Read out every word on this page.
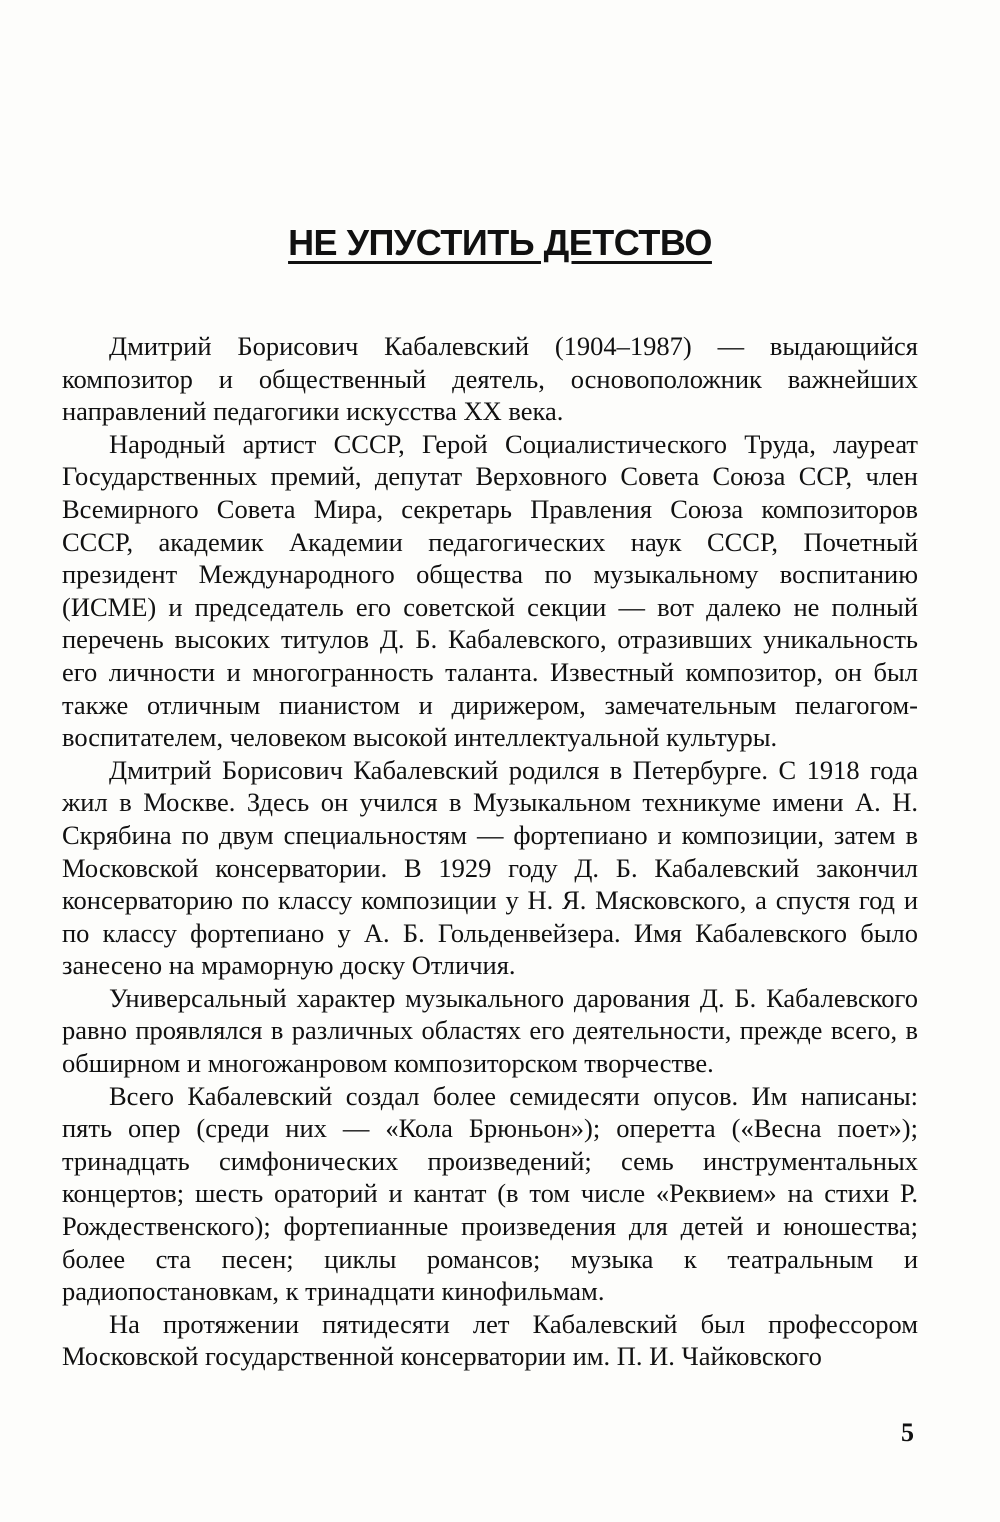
НЕ УПУСТИТЬ ДЕТСТВО

Дмитрий Борисович Кабалевский (1904–1987) — выдающийся композитор и общественный деятель, основоположник важнейших направлений педагогики искусства XX века.

Народный артист СССР, Герой Социалистического Труда, лауреат Государственных премий, депутат Верховного Совета Союза ССР, член Всемирного Совета Мира, секретарь Правления Союза композиторов СССР, академик Академии педагогических наук СССР, Почетный президент Международного общества по музыкальному воспитанию (ИСМЕ) и председатель его советской секции — вот далеко не полный перечень высоких титулов Д. Б. Кабалевского, отразивших уникальность его личности и многогранность таланта. Известный композитор, он был также отличным пианистом и дирижером, замечательным пелагогом-воспитателем, человеком высокой интеллектуальной культуры.

Дмитрий Борисович Кабалевский родился в Петербурге. С 1918 года жил в Москве. Здесь он учился в Музыкальном техникуме имени А. Н. Скрябина по двум специальностям — фортепиано и композиции, затем в Московской консерватории. В 1929 году Д. Б. Кабалевский закончил консерваторию по классу композиции у Н. Я. Мясковского, а спустя год и по классу фортепиано у А. Б. Гольденвейзера. Имя Кабалевского было занесено на мраморную доску Отличия.

Универсальный характер музыкального дарования Д. Б. Кабалевского равно проявлялся в различных областях его деятельности, прежде всего, в обширном и многожанровом композиторском творчестве.

Всего Кабалевский создал более семидесяти опусов. Им написаны: пять опер (среди них — «Кола Брюньон»); оперетта («Весна поет»); тринадцать симфонических произведений; семь инструментальных концертов; шесть ораторий и кантат (в том числе «Реквием» на стихи Р. Рождественского); фортепианные произведения для детей и юношества; более ста песен; циклы романсов; музыка к театральным и радиопостановкам, к тринадцати кинофильмам.

На протяжении пятидесяти лет Кабалевский был профессором Московской государственной консерватории им. П. И. Чайковского

5
